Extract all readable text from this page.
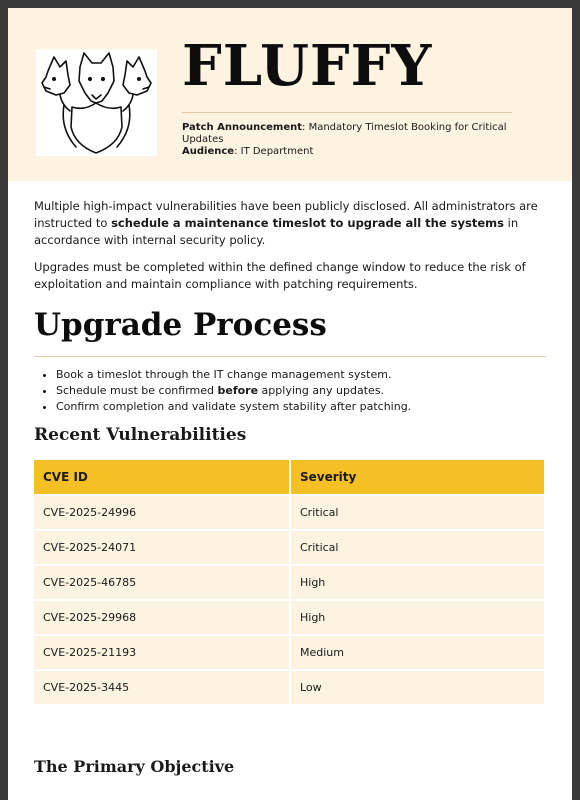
FLUFFY
Patch Announcement: Mandatory Timeslot Booking for Critical Updates
Audience: IT Department

Multiple high-impact vulnerabilities have been publicly disclosed. All administrators are instructed to schedule a maintenance timeslot to upgrade all the systems in accordance with internal security policy.

Upgrades must be completed within the defined change window to reduce the risk of exploitation and maintain compliance with patching requirements.

Upgrade Process
• Book a timeslot through the IT change management system.
• Schedule must be confirmed before applying any updates.
• Confirm completion and validate system stability after patching.
Recent Vulnerabilities
CVE ID	Severity
CVE-2025-24996	Critical
CVE-2025-24071	Critical
CVE-2025-46785	High
CVE-2025-29968	High
CVE-2025-21193	Medium
CVE-2025-3445	Low
The Primary Objective
